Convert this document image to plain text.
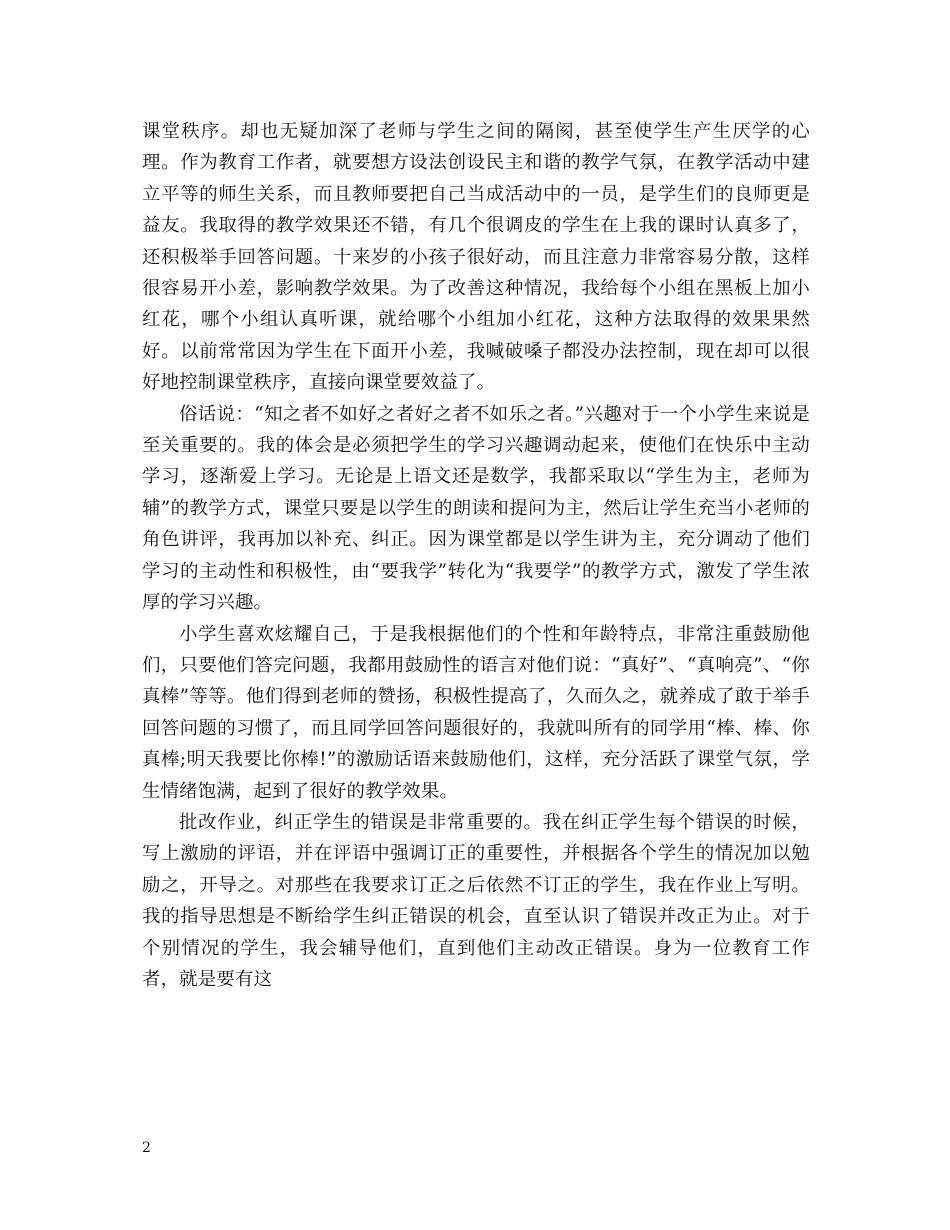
课堂秩序。却也无疑加深了老师与学生之间的隔阂，甚至使学生产生厌学的心理。作为教育工作者，就要想方设法创设民主和谐的教学气氛，在教学活动中建立平等的师生关系，而且教师要把自己当成活动中的一员，是学生们的良师更是益友。我取得的教学效果还不错，有几个很调皮的学生在上我的课时认真多了，还积极举手回答问题。十来岁的小孩子很好动，而且注意力非常容易分散，这样很容易开小差，影响教学效果。为了改善这种情况，我给每个小组在黑板上加小红花，哪个小组认真听课，就给哪个小组加小红花，这种方法取得的效果果然好。以前常常因为学生在下面开小差，我喊破嗓子都没办法控制，现在却可以很好地控制课堂秩序，直接向课堂要效益了。

俗话说：“知之者不如好之者好之者不如乐之者。”兴趣对于一个小学生来说是至关重要的。我的体会是必须把学生的学习兴趣调动起来，使他们在快乐中主动学习，逐渐爱上学习。无论是上语文还是数学，我都采取以“学生为主，老师为辅”的教学方式，课堂只要是以学生的朗读和提问为主，然后让学生充当小老师的角色讲评，我再加以补充、纠正。因为课堂都是以学生讲为主，充分调动了他们学习的主动性和积极性，由“要我学”转化为“我要学”的教学方式，激发了学生浓厚的学习兴趣。

小学生喜欢炫耀自己，于是我根据他们的个性和年龄特点，非常注重鼓励他们，只要他们答完问题，我都用鼓励性的语言对他们说：“真好”、“真响亮”、“你真棒”等等。他们得到老师的赞扬，积极性提高了，久而久之，就养成了敢于举手回答问题的习惯了，而且同学回答问题很好的，我就叫所有的同学用“棒、棒、你真棒;明天我要比你棒!”的激励话语来鼓励他们，这样，充分活跃了课堂气氛，学生情绪饱满，起到了很好的教学效果。

批改作业，纠正学生的错误是非常重要的。我在纠正学生每个错误的时候，写上激励的评语，并在评语中强调订正的重要性，并根据各个学生的情况加以勉励之，开导之。对那些在我要求订正之后依然不订正的学生，我在作业上写明。我的指导思想是不断给学生纠正错误的机会，直至认识了错误并改正为止。对于个别情况的学生，我会辅导他们，直到他们主动改正错误。身为一位教育工作者，就是要有这

2
